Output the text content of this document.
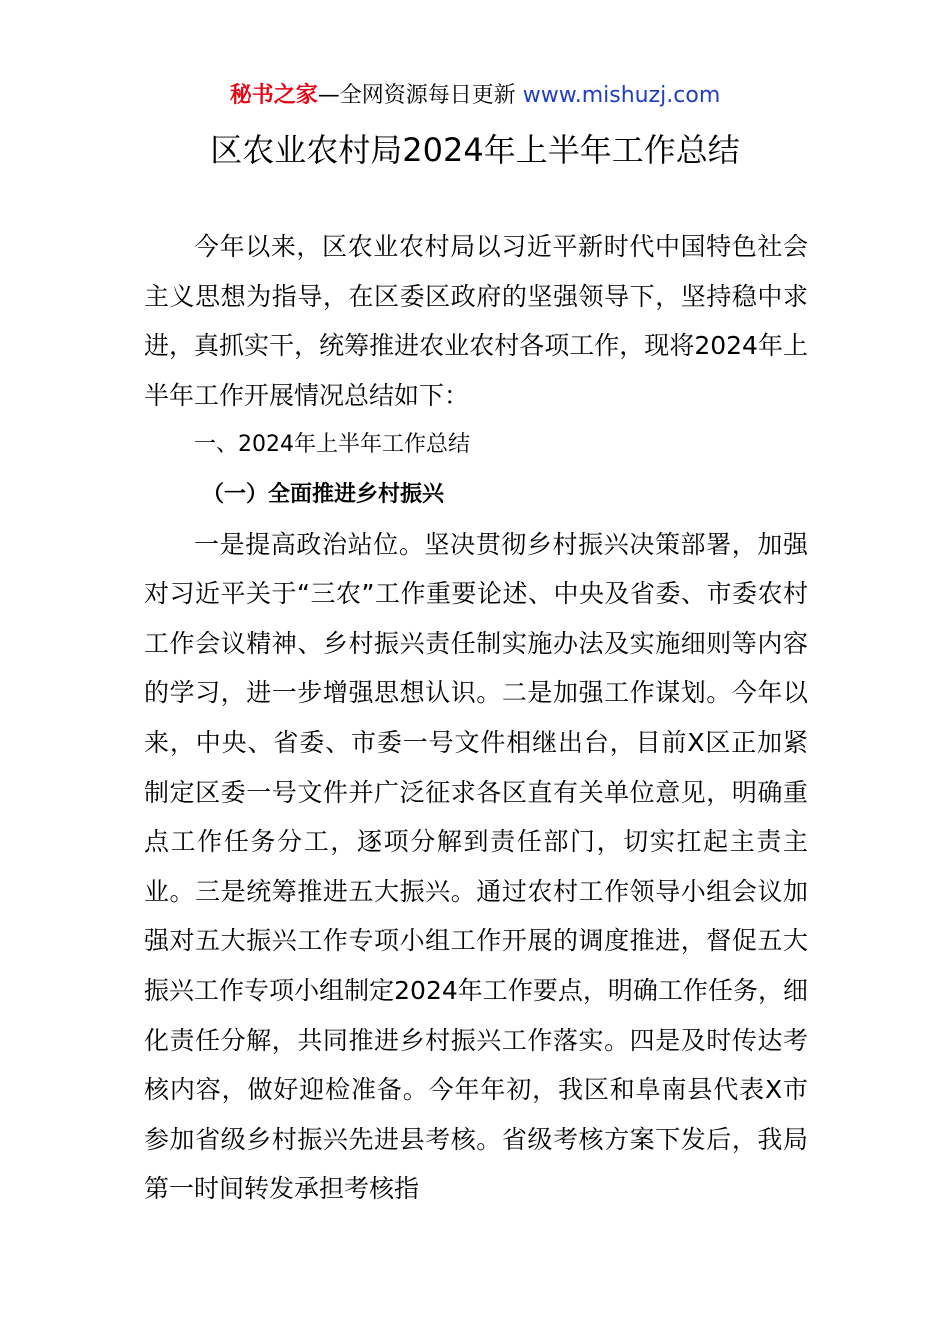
秘书之家—全网资源每日更新 www.mishuzj.com
区农业农村局2024年上半年工作总结

今年以来，区农业农村局以习近平新时代中国特色社会主义思想为指导，在区委区政府的坚强领导下，坚持稳中求进，真抓实干，统筹推进农业农村各项工作，现将2024年上半年工作开展情况总结如下：

一、2024年上半年工作总结

（一）全面推进乡村振兴

一是提高政治站位。坚决贯彻乡村振兴决策部署，加强对习近平关于“三农”工作重要论述、中央及省委、市委农村工作会议精神、乡村振兴责任制实施办法及实施细则等内容的学习，进一步增强思想认识。二是加强工作谋划。今年以来，中央、省委、市委一号文件相继出台，目前X区正加紧制定区委一号文件并广泛征求各区直有关单位意见，明确重点工作任务分工，逐项分解到责任部门，切实扛起主责主业。三是统筹推进五大振兴。通过农村工作领导小组会议加强对五大振兴工作专项小组工作开展的调度推进，督促五大振兴工作专项小组制定2024年工作要点，明确工作任务，细化责任分解，共同推进乡村振兴工作落实。四是及时传达考核内容，做好迎检准备。今年年初，我区和阜南县代表X市参加省级乡村振兴先进县考核。省级考核方案下发后，我局第一时间转发承担考核指
